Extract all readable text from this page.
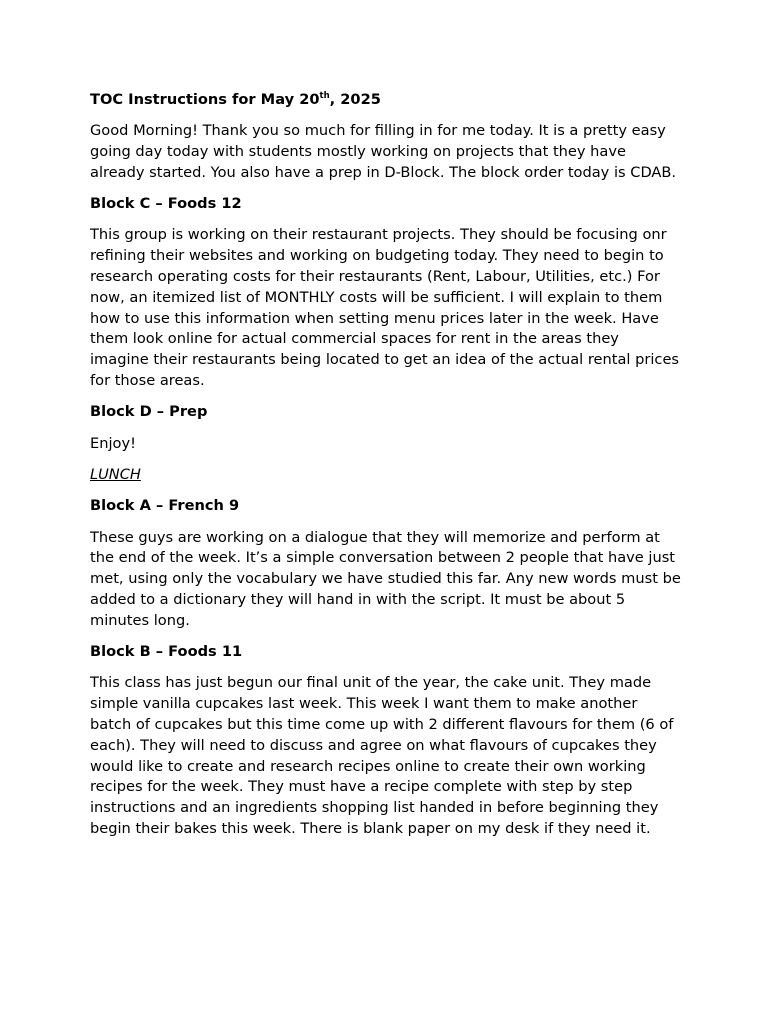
TOC Instructions for May 20th, 2025
Good Morning! Thank you so much for filling in for me today. It is a pretty easy going day today with students mostly working on projects that they have already started. You also have a prep in D-Block. The block order today is CDAB.
Block C – Foods 12
This group is working on their restaurant projects. They should be focusing onr refining their websites and working on budgeting today. They need to begin to research operating costs for their restaurants (Rent, Labour, Utilities, etc.) For now, an itemized list of MONTHLY costs will be sufficient. I will explain to them how to use this information when setting menu prices later in the week. Have them look online for actual commercial spaces for rent in the areas they imagine their restaurants being located to get an idea of the actual rental prices for those areas.
Block D – Prep
Enjoy!
LUNCH
Block A – French 9
These guys are working on a dialogue that they will memorize and perform at the end of the week. It’s a simple conversation between 2 people that have just met, using only the vocabulary we have studied this far. Any new words must be added to a dictionary they will hand in with the script. It must be about 5 minutes long.
Block B – Foods 11
This class has just begun our final unit of the year, the cake unit. They made simple vanilla cupcakes last week. This week I want them to make another batch of cupcakes but this time come up with 2 different flavours for them (6 of each). They will need to discuss and agree on what flavours of cupcakes they would like to create and research recipes online to create their own working recipes for the week. They must have a recipe complete with step by step instructions and an ingredients shopping list handed in before beginning they begin their bakes this week. There is blank paper on my desk if they need it.
